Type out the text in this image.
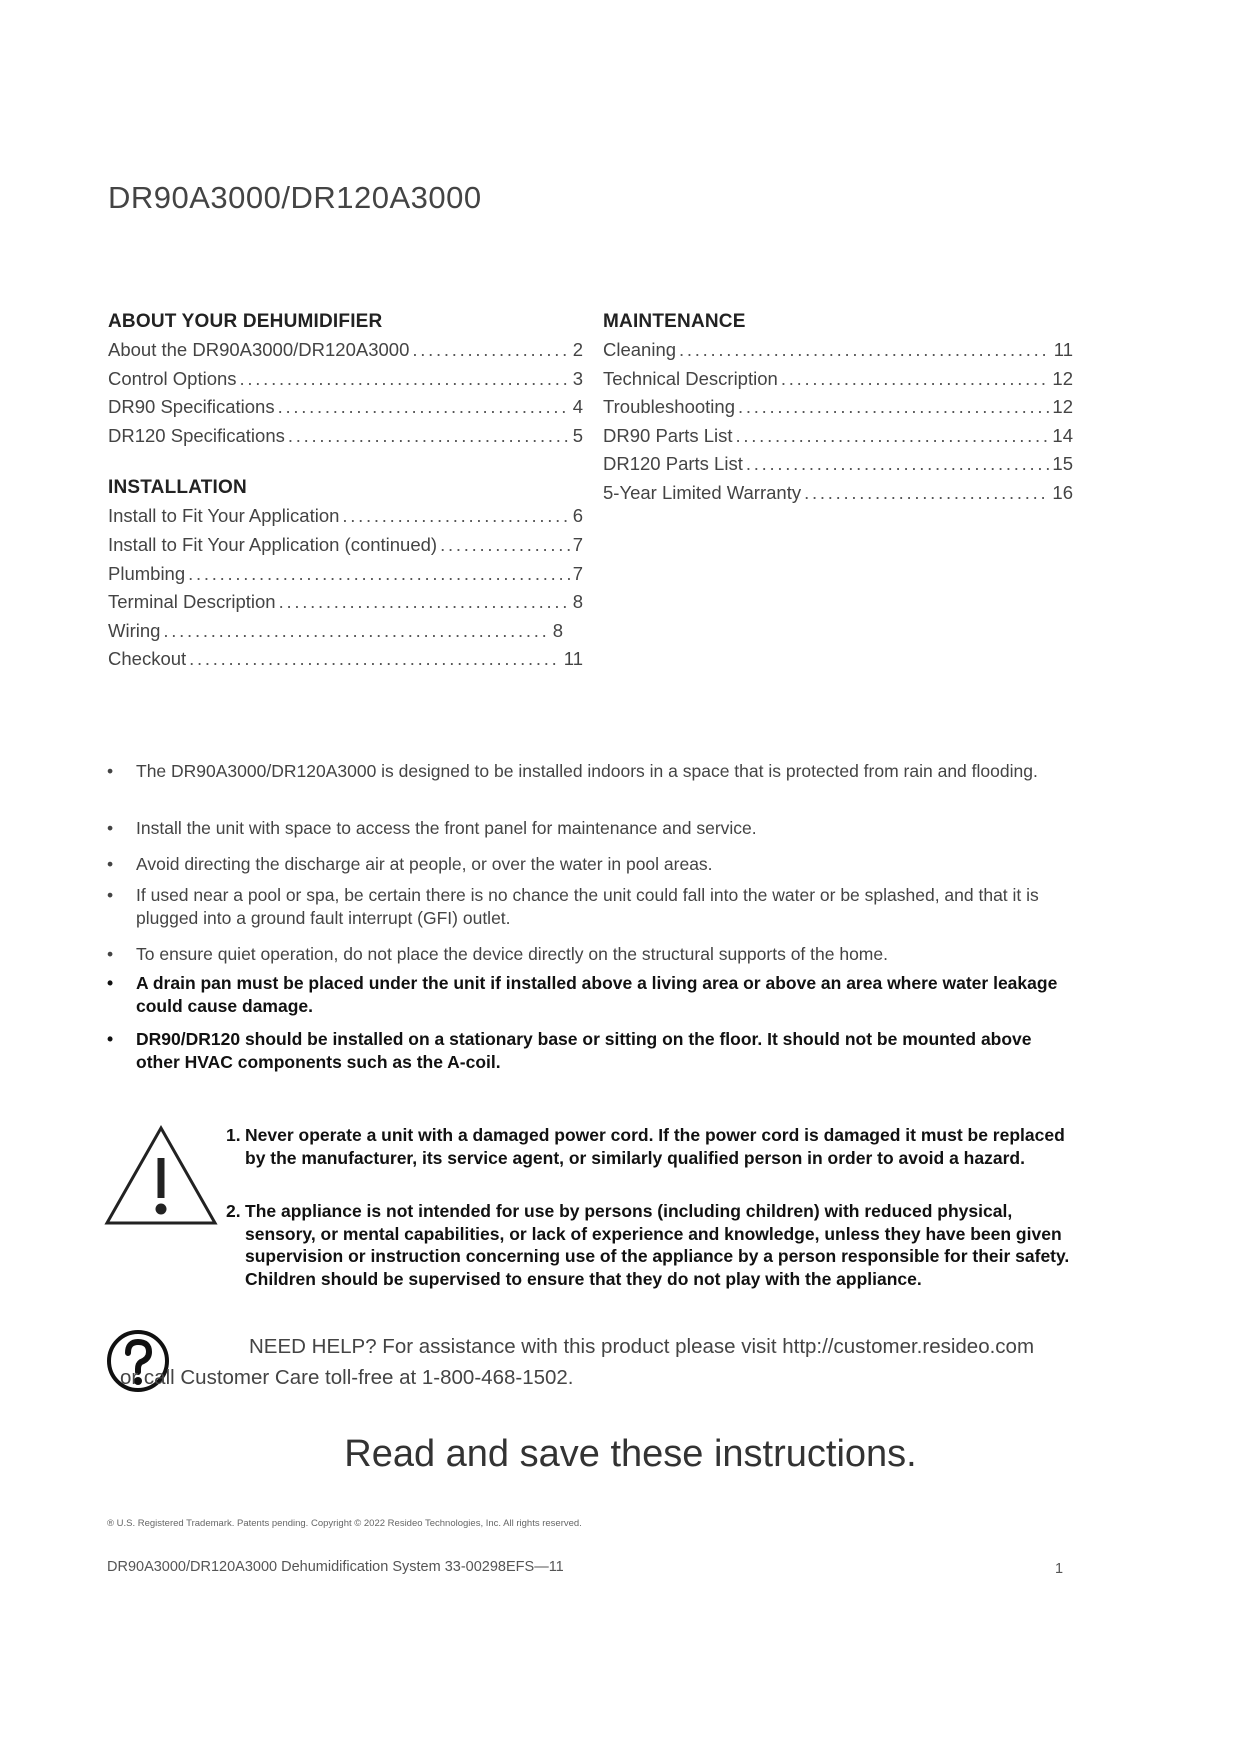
DR90A3000/DR120A3000
ABOUT YOUR DEHUMIDIFIER
About the DR90A3000/DR120A3000 . . .	2
Control Options . . .	3
DR90 Specifications . . .	4
DR120 Specifications . . .	5
INSTALLATION
Install to Fit Your Application . . .	6
Install to Fit Your Application (continued) . . .	7
Plumbing . . .	7
Terminal Description . . .	8
Wiring . . .	8
Checkout . . .	11
MAINTENANCE
Cleaning . . .	11
Technical Description . . .	12
Troubleshooting . . .	12
DR90 Parts List . . .	14
DR120 Parts List . . .	15
5-Year Limited Warranty . . .	16
• The DR90A3000/DR120A3000 is designed to be installed indoors in a space that is protected from rain and flooding.
• Install the unit with space to access the front panel for maintenance and service.
• Avoid directing the discharge air at people, or over the water in pool areas.
• If used near a pool or spa, be certain there is no chance the unit could fall into the water or be splashed, and that it is plugged into a ground fault interrupt (GFI) outlet.
• To ensure quiet operation, do not place the device directly on the structural supports of the home.
• A drain pan must be placed under the unit if installed above a living area or above an area where water leakage could cause damage.
• DR90/DR120 should be installed on a stationary base or sitting on the floor. It should not be mounted above other HVAC components such as the A-coil.
1. Never operate a unit with a damaged power cord. If the power cord is damaged it must be replaced by the manufacturer, its service agent, or similarly qualified person in order to avoid a hazard.
2. The appliance is not intended for use by persons (including children) with reduced physical, sensory, or mental capabilities, or lack of experience and knowledge, unless they have been given supervision or instruction concerning use of the appliance by a person responsible for their safety. Children should be supervised to ensure that they do not play with the appliance.
NEED HELP? For assistance with this product please visit http://customer.resideo.com
or call Customer Care toll-free at 1-800-468-1502.
Read and save these instructions.
® U.S. Registered Trademark. Patents pending. Copyright © 2022 Resideo Technologies, Inc. All rights reserved.
DR90A3000/DR120A3000 Dehumidification System 33-00298EFS—11	1
